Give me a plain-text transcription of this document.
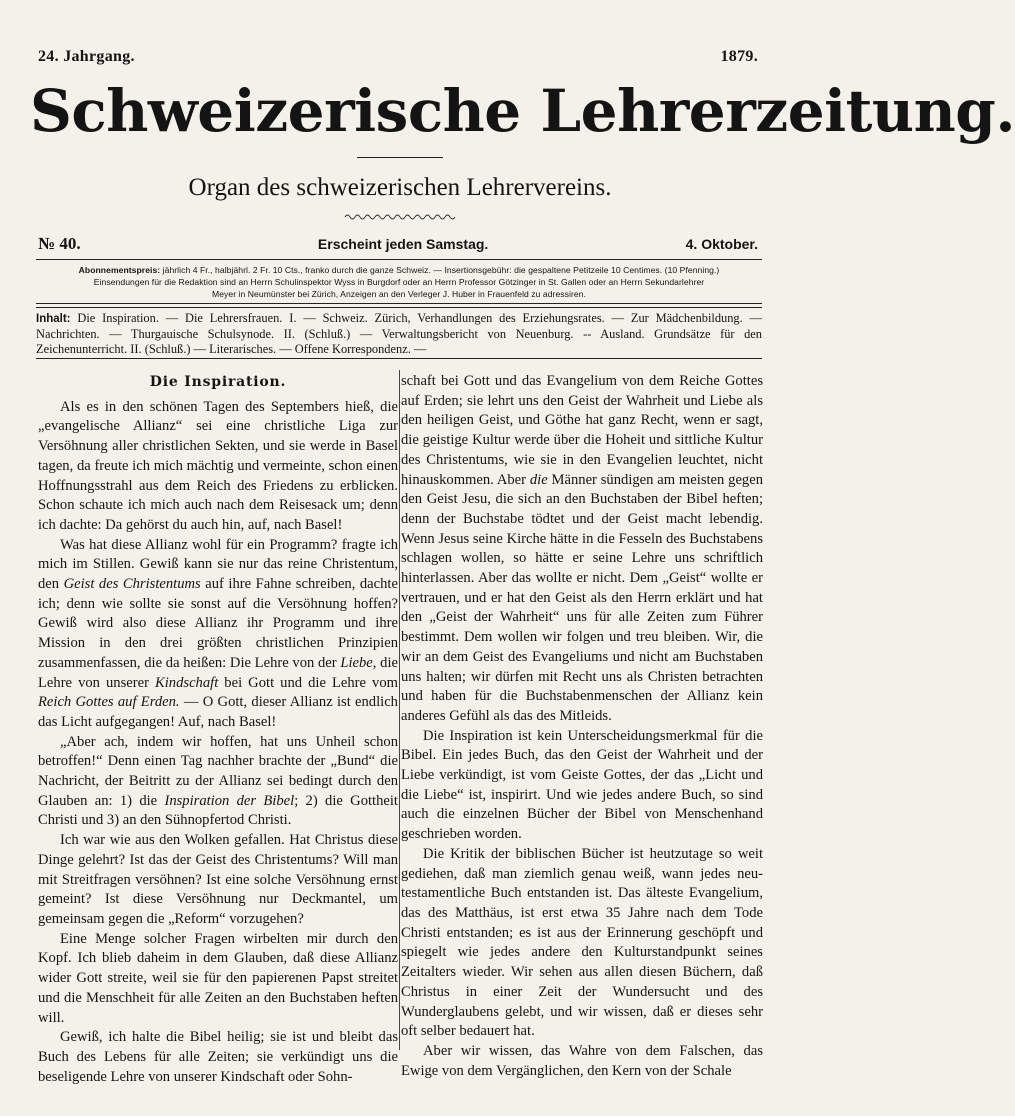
24. Jahrgang.	1879.
Schweizerische Lehrerzeitung.
Organ des schweizerischen Lehrervereins.
№ 40.	Erscheint jeden Samstag.	4. Oktober.
Abonnementspreis: jährlich 4 Fr., halbjährl. 2 Fr. 10 Cts., franko durch die ganze Schweiz. — Insertionsgebühr: die gespaltene Petitzeile 10 Centimes. (10 Pfenning.)
Einsendungen für die Redaktion sind an Herrn Schulinspektor Wyss in Burgdorf oder an Herrn Professor Götzinger in St. Gallen oder an Herrn Sekundarlehrer
Meyer in Neumünster bei Zürich, Anzeigen an den Verleger J. Huber in Frauenfeld zu adressiren.
Inhalt: Die Inspiration. — Die Lehrersfrauen. I. — Schweiz. Zürich, Verhandlungen des Erziehungsrates. — Zur Mädchenbildung. — Nachrichten. — Thurgauische Schulsynode. II. (Schluß.) — Verwaltungsbericht von Neuenburg. -- Ausland. Grundsätze für den Zeichenunterricht. II. (Schluß.) — Literarisches. — Offene Korrespondenz. —

Die Inspiration.

Als es in den schönen Tagen des Septembers hieß, die „evangelische Allianz“ sei eine christliche Liga zur Versöhnung aller christlichen Sekten, und sie werde in Basel tagen, da freute ich mich mächtig und vermeinte, schon einen Hoffnungsstrahl aus dem Reich des Friedens zu erblicken. Schon schaute ich mich auch nach dem Reisesack um; denn ich dachte: Da gehörst du auch hin, auf, nach Basel!

Was hat diese Allianz wohl für ein Programm? fragte ich mich im Stillen. Gewiß kann sie nur das reine Christentum, den Geist des Christentums auf ihre Fahne schreiben, dachte ich; denn wie sollte sie sonst auf die Versöhnung hoffen? Gewiß wird also diese Allianz ihr Programm und ihre Mission in den drei größten christlichen Prinzipien zusammenfassen, die da heißen: Die Lehre von der Liebe, die Lehre von unserer Kindschaft bei Gott und die Lehre vom Reich Gottes auf Erden. — O Gott, dieser Allianz ist endlich das Licht aufgegangen! Auf, nach Basel!

„Aber ach, indem wir hoffen, hat uns Unheil schon betroffen!“ Denn einen Tag nachher brachte der „Bund“ die Nachricht, der Beitritt zu der Allianz sei bedingt durch den Glauben an: 1) die Inspiration der Bibel; 2) die Gottheit Christi und 3) an den Sühnopfertod Christi.

Ich war wie aus den Wolken gefallen. Hat Christus diese Dinge gelehrt? Ist das der Geist des Christentums? Will man mit Streitfragen versöhnen? Ist eine solche Versöhnung ernst gemeint? Ist diese Versöhnung nur Deckmantel, um gemeinsam gegen die „Reform“ vorzugehen?

Eine Menge solcher Fragen wirbelten mir durch den Kopf. Ich blieb daheim in dem Glauben, daß diese Allianz wider Gott streite, weil sie für den papierenen Papst streitet und die Menschheit für alle Zeiten an den Buchstaben heften will.

Gewiß, ich halte die Bibel heilig; sie ist und bleibt das Buch des Lebens für alle Zeiten; sie verkündigt uns die beseligende Lehre von unserer Kindschaft oder Sohn-

schaft bei Gott und das Evangelium von dem Reiche Gottes auf Erden; sie lehrt uns den Geist der Wahrheit und Liebe als den heiligen Geist, und Göthe hat ganz Recht, wenn er sagt, die geistige Kultur werde über die Hoheit und sittliche Kultur des Christentums, wie sie in den Evangelien leuchtet, nicht hinauskommen. Aber die Männer sündigen am meisten gegen den Geist Jesu, die sich an den Buchstaben der Bibel heften; denn der Buchstabe tödtet und der Geist macht lebendig. Wenn Jesus seine Kirche hätte in die Fesseln des Buchstabens schlagen wollen, so hätte er seine Lehre uns schriftlich hinterlassen. Aber das wollte er nicht. Dem „Geist“ wollte er vertrauen, und er hat den Geist als den Herrn erklärt und hat den „Geist der Wahrheit“ uns für alle Zeiten zum Führer bestimmt. Dem wollen wir folgen und treu bleiben. Wir, die wir an dem Geist des Evangeliums und nicht am Buchstaben uns halten; wir dürfen mit Recht uns als Christen betrachten und haben für die Buchstabenmenschen der Allianz kein anderes Gefühl als das des Mitleids.

Die Inspiration ist kein Unterscheidungsmerkmal für die Bibel. Ein jedes Buch, das den Geist der Wahrheit und der Liebe verkündigt, ist vom Geiste Gottes, der das „Licht und die Liebe“ ist, inspirirt. Und wie jedes andere Buch, so sind auch die einzelnen Bücher der Bibel von Menschenhand geschrieben worden.

Die Kritik der biblischen Bücher ist heutzutage so weit gediehen, daß man ziemlich genau weiß, wann jedes neu-testamentliche Buch entstanden ist. Das älteste Evangelium, das des Matthäus, ist erst etwa 35 Jahre nach dem Tode Christi entstanden; es ist aus der Erinnerung geschöpft und spiegelt wie jedes andere den Kulturstandpunkt seines Zeitalters wieder. Wir sehen aus allen diesen Büchern, daß Christus in einer Zeit der Wundersucht und des Wunderglaubens gelebt, und wir wissen, daß er dieses sehr oft selber bedauert hat.

Aber wir wissen, das Wahre von dem Falschen, das Ewige von dem Vergänglichen, den Kern von der Schale
